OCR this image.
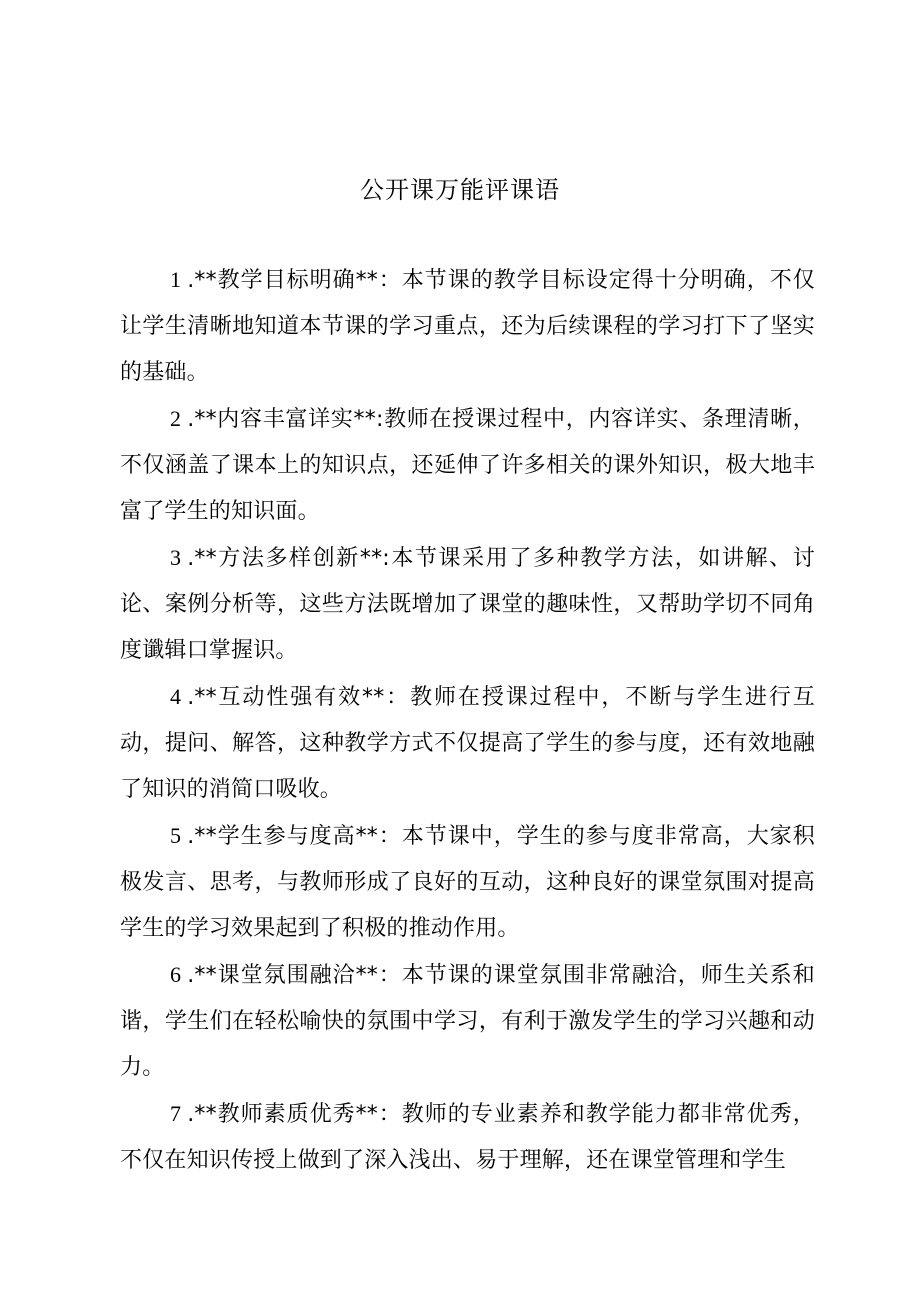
公开课万能评课语

1 .**教学目标明确**：本节课的教学目标设定得十分明确，不仅让学生清晰地知道本节课的学习重点，还为后续课程的学习打下了坚实的基础。

2 .**内容丰富详实**:教师在授课过程中，内容详实、条理清晰，不仅涵盖了课本上的知识点，还延伸了许多相关的课外知识，极大地丰富了学生的知识面。

3 .**方法多样创新**:本节课采用了多种教学方法，如讲解、讨论、案例分析等，这些方法既增加了课堂的趣味性，又帮助学切不同角度谶辑口掌握识。

4 .**互动性强有效**：教师在授课过程中，不断与学生进行互动，提问、解答，这种教学方式不仅提高了学生的参与度，还有效地融了知识的消简口吸收。

5 .**学生参与度高**：本节课中，学生的参与度非常高，大家积极发言、思考，与教师形成了良好的互动，这种良好的课堂氛围对提高学生的学习效果起到了积极的推动作用。

6 .**课堂氛围融洽**：本节课的课堂氛围非常融洽，师生关系和谐，学生们在轻松喻快的氛围中学习，有利于激发学生的学习兴趣和动力。

7 .**教师素质优秀**：教师的专业素养和教学能力都非常优秀，不仅在知识传授上做到了深入浅出、易于理解，还在课堂管理和学生
